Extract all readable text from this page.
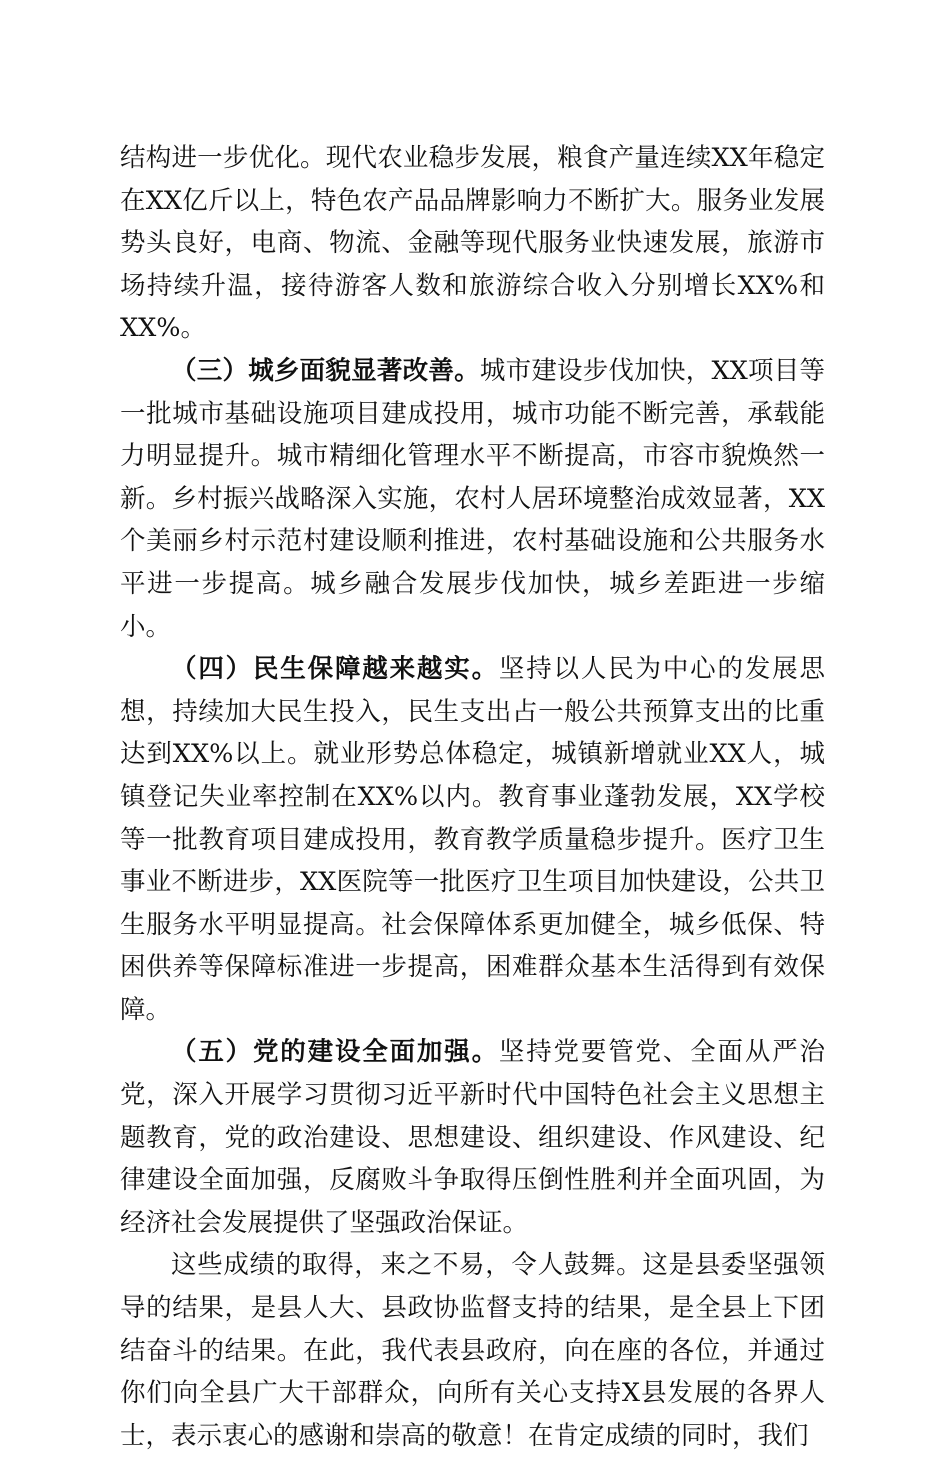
结构进一步优化。现代农业稳步发展，粮食产量连续XX年稳定在XX亿斤以上，特色农产品品牌影响力不断扩大。服务业发展势头良好，电商、物流、金融等现代服务业快速发展，旅游市场持续升温，接待游客人数和旅游综合收入分别增长XX%和XX%。

（三）城乡面貌显著改善。城市建设步伐加快，XX项目等一批城市基础设施项目建成投用，城市功能不断完善，承载能力明显提升。城市精细化管理水平不断提高，市容市貌焕然一新。乡村振兴战略深入实施，农村人居环境整治成效显著，XX个美丽乡村示范村建设顺利推进，农村基础设施和公共服务水平进一步提高。城乡融合发展步伐加快，城乡差距进一步缩小。

（四）民生保障越来越实。坚持以人民为中心的发展思想，持续加大民生投入，民生支出占一般公共预算支出的比重达到XX%以上。就业形势总体稳定，城镇新增就业XX人，城镇登记失业率控制在XX%以内。教育事业蓬勃发展，XX学校等一批教育项目建成投用，教育教学质量稳步提升。医疗卫生事业不断进步，XX医院等一批医疗卫生项目加快建设，公共卫生服务水平明显提高。社会保障体系更加健全，城乡低保、特困供养等保障标准进一步提高，困难群众基本生活得到有效保障。

（五）党的建设全面加强。坚持党要管党、全面从严治党，深入开展学习贯彻习近平新时代中国特色社会主义思想主题教育，党的政治建设、思想建设、组织建设、作风建设、纪律建设全面加强，反腐败斗争取得压倒性胜利并全面巩固，为经济社会发展提供了坚强政治保证。

这些成绩的取得，来之不易，令人鼓舞。这是县委坚强领导的结果，是县人大、县政协监督支持的结果，是全县上下团结奋斗的结果。在此，我代表县政府，向在座的各位，并通过你们向全县广大干部群众，向所有关心支持X县发展的各界人士，表示衷心的感谢和崇高的敬意！在肯定成绩的同时，我们
